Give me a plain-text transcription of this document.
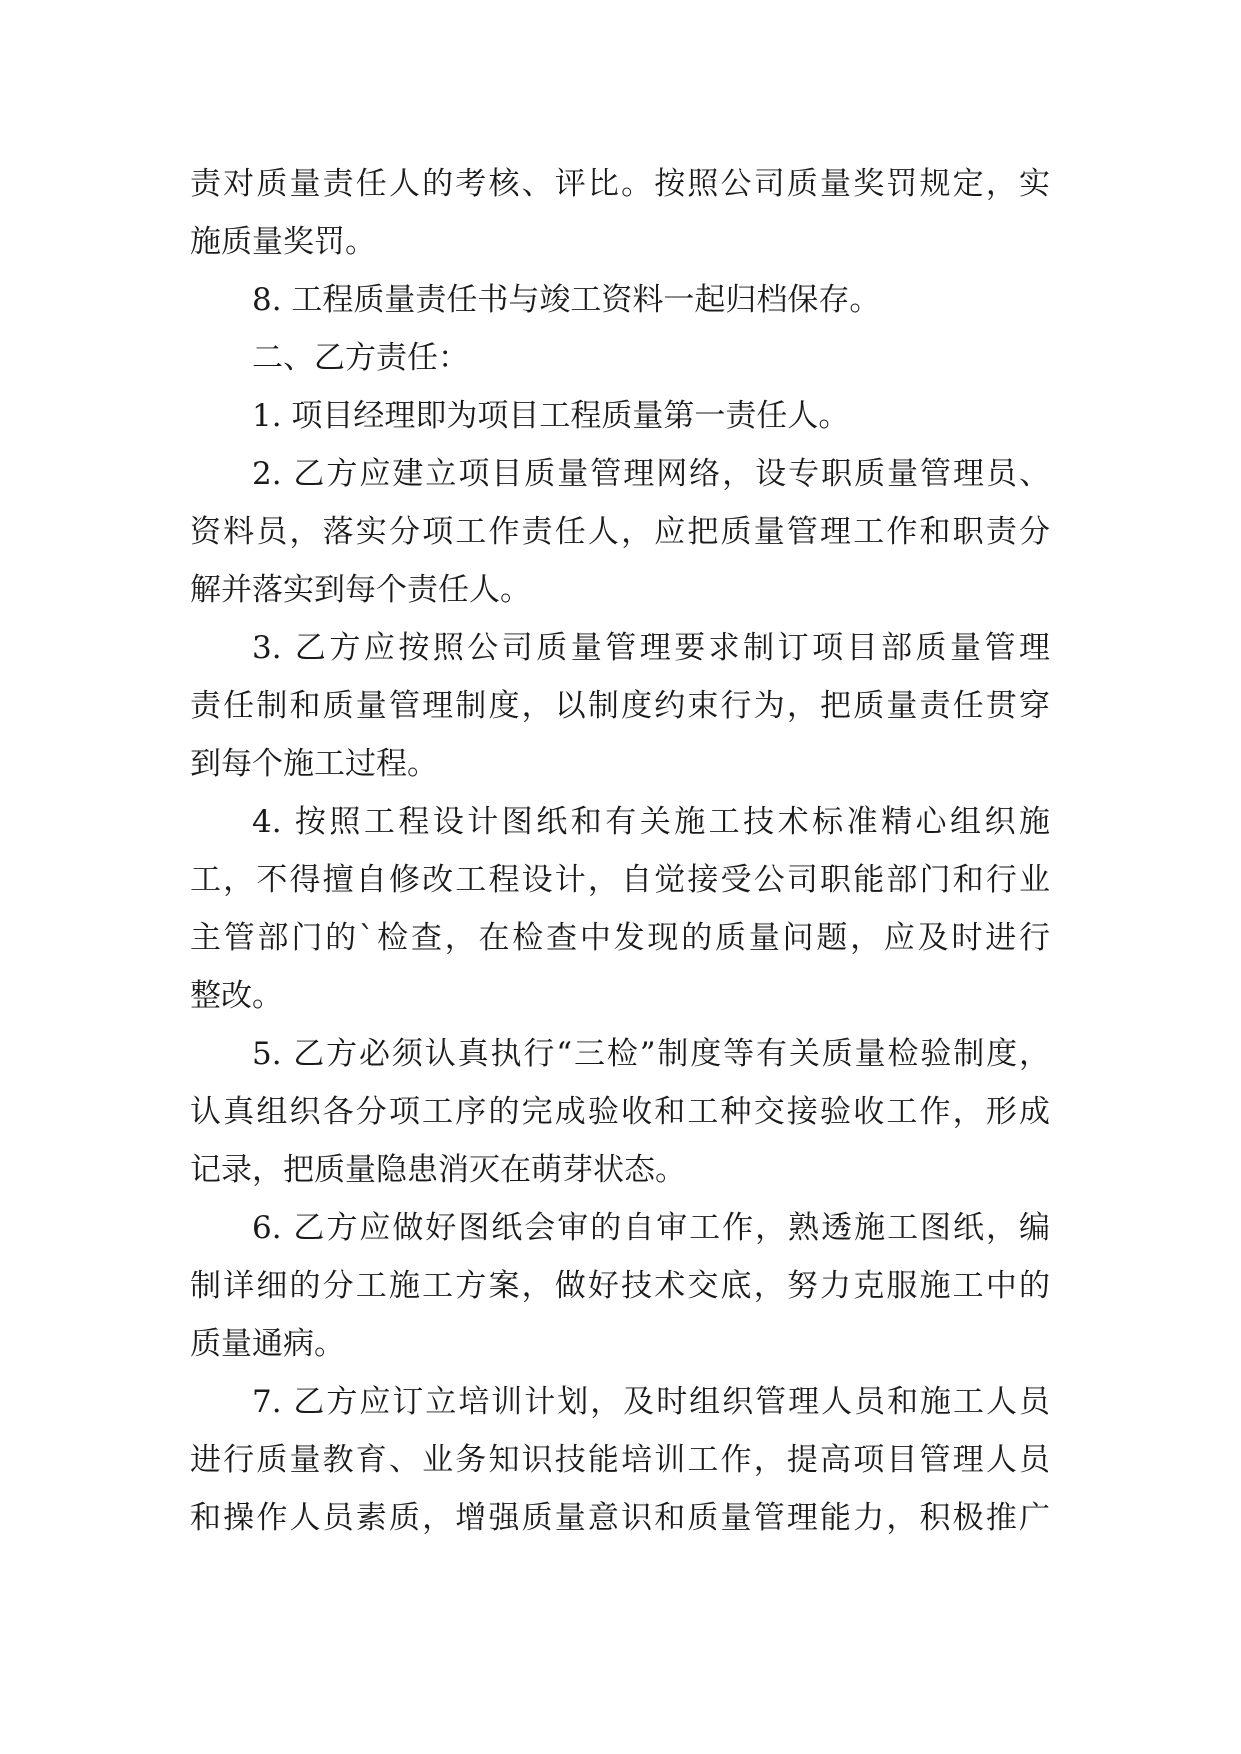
责对质量责任人的考核、评比。按照公司质量奖罚规定，实
施质量奖罚。
8. 工程质量责任书与竣工资料一起归档保存。
二、乙方责任：
1. 项目经理即为项目工程质量第一责任人。
2. 乙方应建立项目质量管理网络，设专职质量管理员、
资料员，落实分项工作责任人，应把质量管理工作和职责分
解并落实到每个责任人。
3. 乙方应按照公司质量管理要求制订项目部质量管理
责任制和质量管理制度，以制度约束行为，把质量责任贯穿
到每个施工过程。
4. 按照工程设计图纸和有关施工技术标准精心组织施
工，不得擅自修改工程设计，自觉接受公司职能部门和行业
主管部门的`检查，在检查中发现的质量问题，应及时进行
整改。
5. 乙方必须认真执行“三检”制度等有关质量检验制度，
认真组织各分项工序的完成验收和工种交接验收工作，形成
记录，把质量隐患消灭在萌芽状态。
6. 乙方应做好图纸会审的自审工作，熟透施工图纸，编
制详细的分工施工方案，做好技术交底，努力克服施工中的
质量通病。
7. 乙方应订立培训计划，及时组织管理人员和施工人员
进行质量教育、业务知识技能培训工作，提高项目管理人员
和操作人员素质，增强质量意识和质量管理能力，积极推广
